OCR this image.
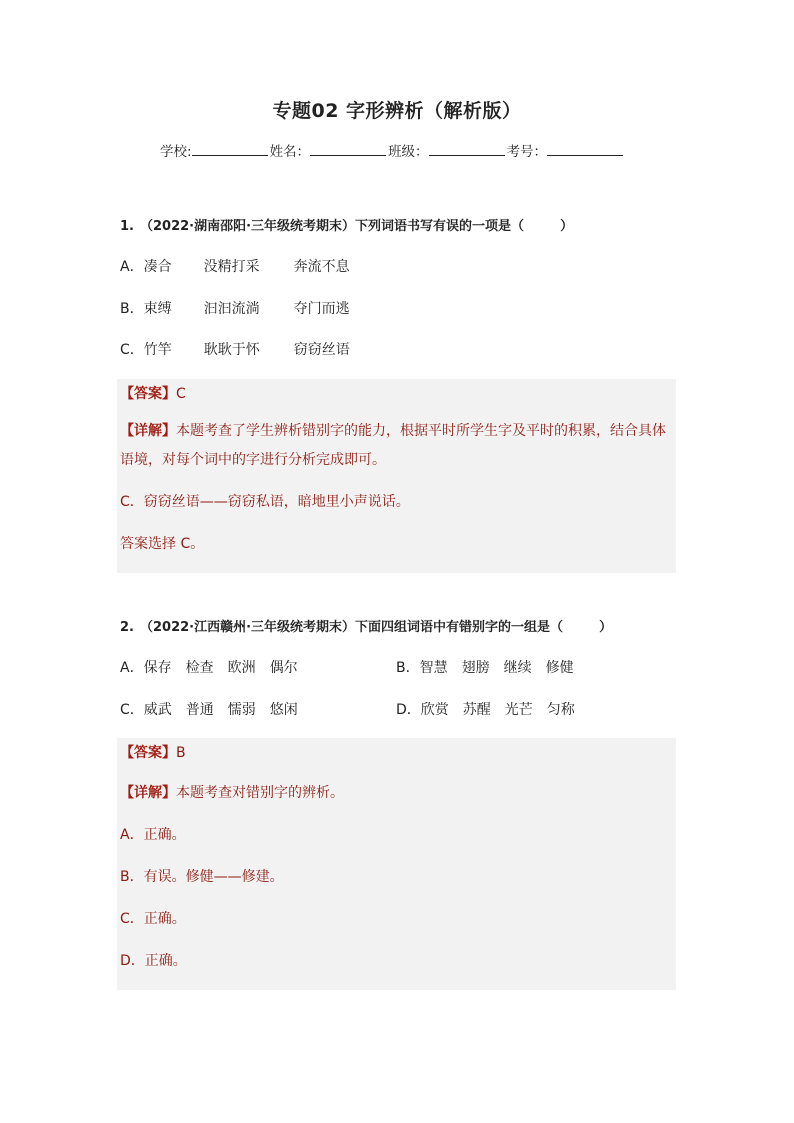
专题02 字形辨析（解析版）
学校:	姓名：	班级：	考号：
1. （2022·湖南邵阳·三年级统考期末）下列词语书写有误的一项是（	）
A．凑合 没精打采 奔流不息
B．束缚 汩汩流淌 夺门而逃
C．竹竿 耿耿于怀 窃窃丝语
【答案】C
【详解】本题考查了学生辨析错别字的能力，根据平时所学生字及平时的积累，结合具体语境，对每个词中的字进行分析完成即可。
C．窃窃丝语——窃窃私语，暗地里小声说话。
答案选择 C。
2. （2022·江西赣州·三年级统考期末）下面四组词语中有错别字的一组是（	）
A．保存 检查 欧洲 偶尔	B．智慧 翅膀 继续 修健
C．威武 普通 懦弱 悠闲	D．欣赏 苏醒 光芒 匀称
【答案】B
【详解】本题考查对错别字的辨析。
A．正确。
B．有误。修健——修建。
C．正确。
D．正确。
